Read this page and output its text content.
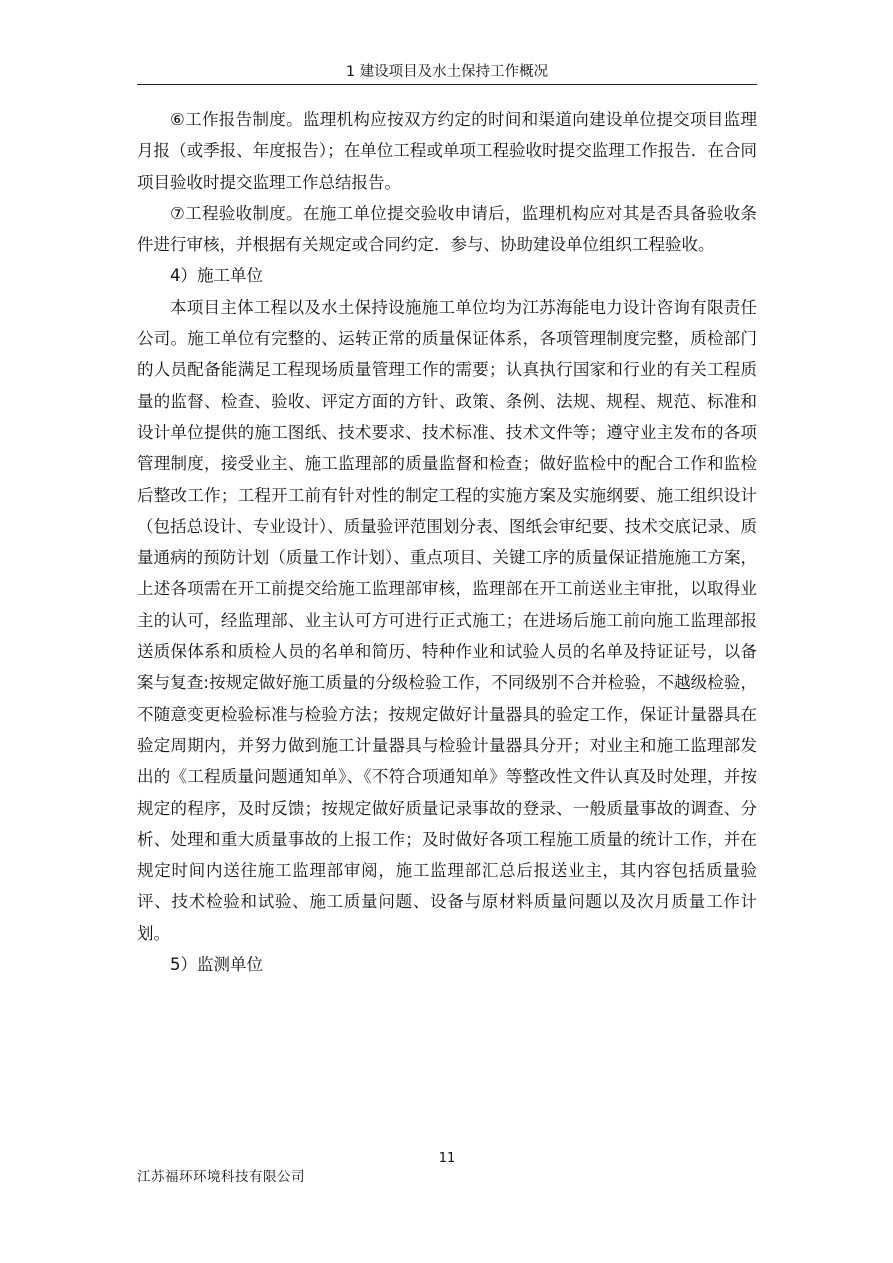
1 建设项目及水土保持工作概况

⑥工作报告制度。监理机构应按双方约定的时间和渠道向建设单位提交项目监理月报（或季报、年度报告）；在单位工程或单项工程验收时提交监理工作报告．在合同项目验收时提交监理工作总结报告。

⑦工程验收制度。在施工单位提交验收申请后，监理机构应对其是否具备验收条件进行审核，并根据有关规定或合同约定．参与、协助建设单位组织工程验收。

4）施工单位

本项目主体工程以及水土保持设施施工单位均为江苏海能电力设计咨询有限责任公司。施工单位有完整的、运转正常的质量保证体系，各项管理制度完整，质检部门的人员配备能满足工程现场质量管理工作的需要；认真执行国家和行业的有关工程质量的监督、检查、验收、评定方面的方针、政策、条例、法规、规程、规范、标准和设计单位提供的施工图纸、技术要求、技术标准、技术文件等；遵守业主发布的各项管理制度，接受业主、施工监理部的质量监督和检查；做好监检中的配合工作和监检后整改工作；工程开工前有针对性的制定工程的实施方案及实施纲要、施工组织设计（包括总设计、专业设计）、质量验评范围划分表、图纸会审纪要、技术交底记录、质量通病的预防计划（质量工作计划）、重点项目、关键工序的质量保证措施施工方案，上述各项需在开工前提交给施工监理部审核，监理部在开工前送业主审批，以取得业主的认可，经监理部、业主认可方可进行正式施工；在进场后施工前向施工监理部报送质保体系和质检人员的名单和简历、特种作业和试验人员的名单及持证证号，以备案与复查:按规定做好施工质量的分级检验工作，不同级别不合并检验，不越级检验，不随意变更检验标准与检验方法；按规定做好计量器具的验定工作，保证计量器具在验定周期内，并努力做到施工计量器具与检验计量器具分开；对业主和施工监理部发出的《工程质量问题通知单》、《不符合项通知单》等整改性文件认真及时处理，并按规定的程序，及时反馈；按规定做好质量记录事故的登录、一般质量事故的调查、分析、处理和重大质量事故的上报工作；及时做好各项工程施工质量的统计工作，并在规定时间内送往施工监理部审阅，施工监理部汇总后报送业主，其内容包括质量验评、技术检验和试验、施工质量问题、设备与原材料质量问题以及次月质量工作计划。

5）监测单位

11
江苏福环环境科技有限公司
